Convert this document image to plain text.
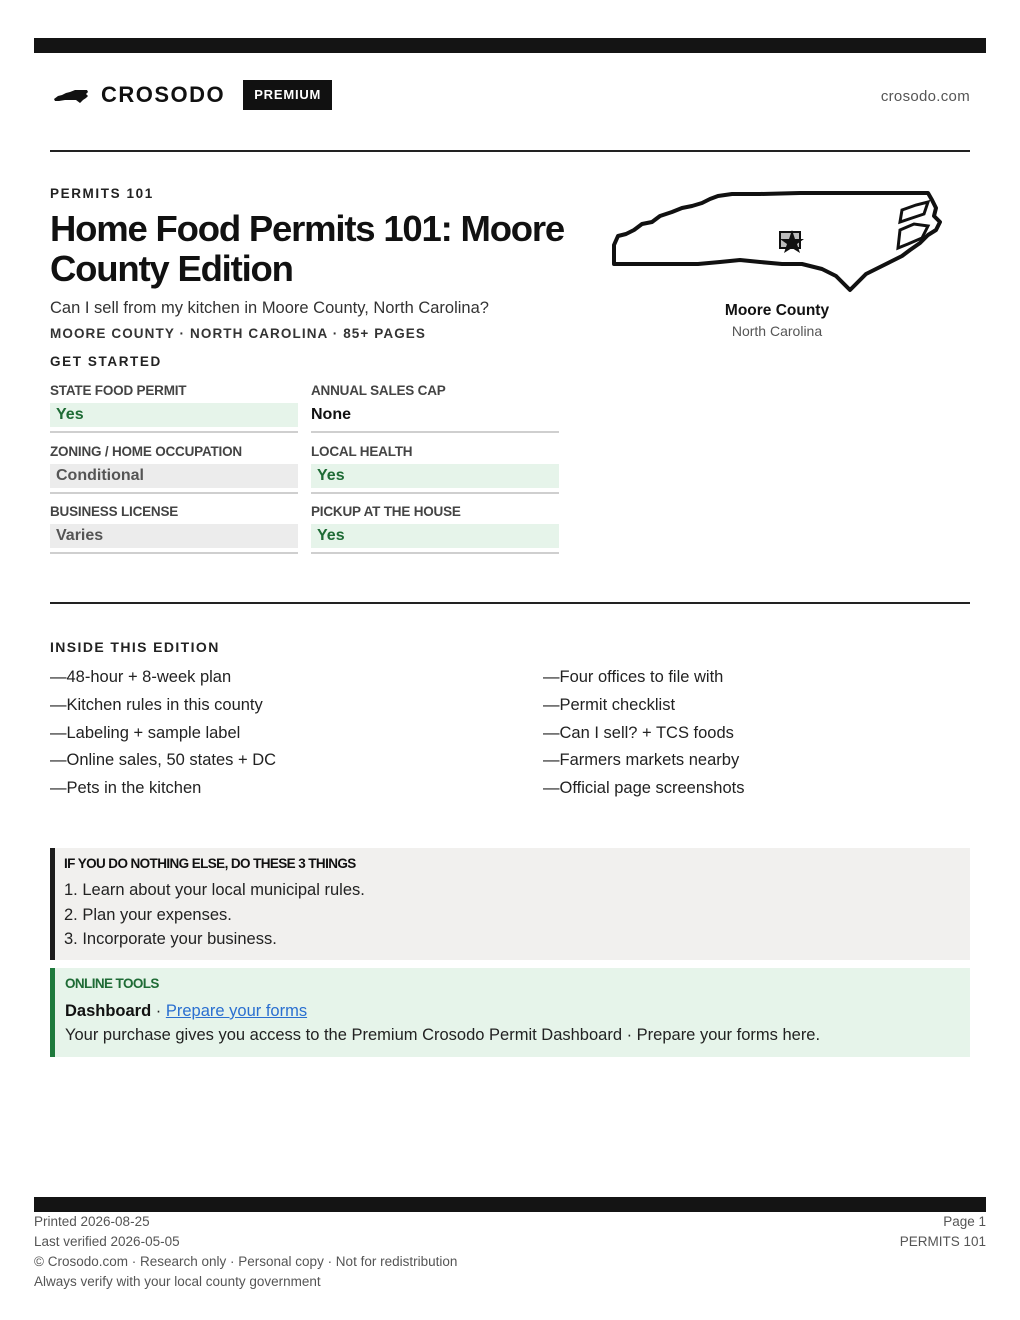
CROSODO	PREMIUM	crosodo.com
PERMITS 101
Home Food Permits 101: Moore County Edition
Can I sell from my kitchen in Moore County, North Carolina?
MOORE COUNTY · NORTH CAROLINA · 85+ PAGES
GET STARTED
STATE FOOD PERMIT
Yes
ANNUAL SALES CAP
None
ZONING / HOME OCCUPATION
Conditional
LOCAL HEALTH
Yes
BUSINESS LICENSE
Varies
PICKUP AT THE HOUSE
Yes
Moore County
North Carolina
INSIDE THIS EDITION
—48-hour + 8-week plan
—Kitchen rules in this county
—Labeling + sample label
—Online sales, 50 states + DC
—Pets in the kitchen
—Four offices to file with
—Permit checklist
—Can I sell? + TCS foods
—Farmers markets nearby
—Official page screenshots
IF YOU DO NOTHING ELSE, DO THESE 3 THINGS
1. Learn about your local municipal rules.
2. Plan your expenses.
3. Incorporate your business.
ONLINE TOOLS
Dashboard · Prepare your forms
Your purchase gives you access to the Premium Crosodo Permit Dashboard · Prepare your forms here.
Printed 2026-08-25
Last verified 2026-05-05
© Crosodo.com · Research only · Personal copy · Not for redistribution
Always verify with your local county government
Page 1
PERMITS 101
